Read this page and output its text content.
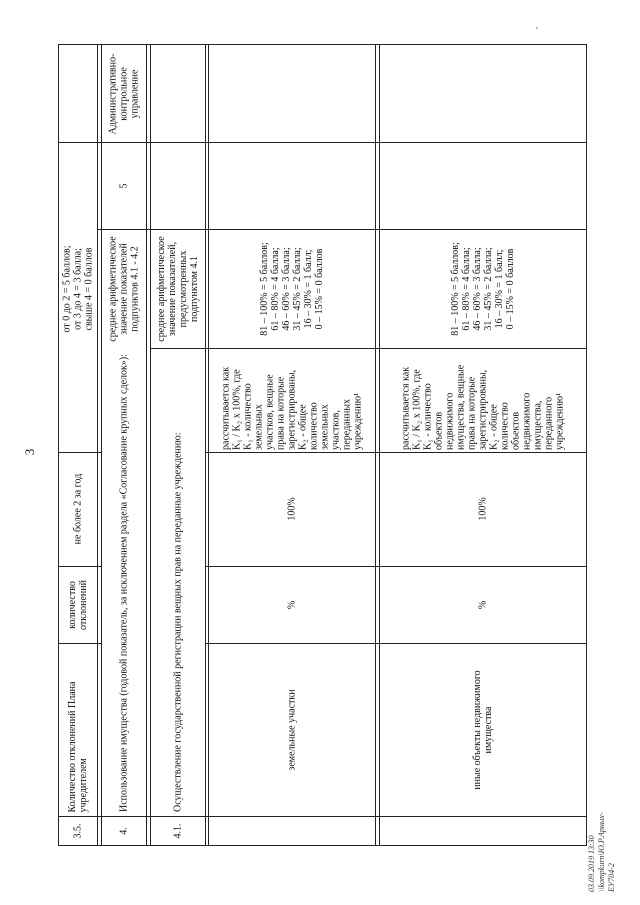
3
'
03.09.2019 13:30
\\kompkurn\Ю.Р.Арных-ЕУ704-2
3.5.
Количество отклонений Плана учредителем
количество отклонений
не более 2 за год
от 0 до 2 = 5 баллов; от 3 до 4 = 3 балла; свыше 4 = 0 баллов
4.
Использование имущества (годовой показатель, за исключением раздела «Согласование крупных сделок»):
среднее арифметическое значение показателей подпунктов 4.1 - 4.2
5
Административно- контрольное управление
4.1.
Осуществление государственной регистрации вещных прав на переданные учреждению:
среднее арифметическое значение показателей, предусмотренных подпунктом 4.1
земельные участки
%
100%
рассчитывается как K₁ / K₂ x 100%, где K₁ - количество земельных участков, вещные права на которые зарегистрированы, K₂ - общее количество земельных участков, переданных учреждению¹
81 – 100% = 5 баллов; 61 – 80% = 4 балла; 46 – 60% = 3 балла; 31 – 45% = 2 балла; 16 – 30% = 1 балл; 0 – 15% = 0 баллов
иные объекты недвижимого имущества
%
100%
рассчитывается как K₁ / K₂ x 100%, где K₁ - количество объектов недвижимого имущества, вещные права на которые зарегистрированы, K₂ - общее количество объектов недвижимого имущества, переданного учреждению¹
81 – 100% = 5 баллов; 61 – 80% = 4 балла; 46 – 60% = 3 балла; 31 – 45% = 2 балла; 16 – 30% = 1 балл; 0 – 15% = 0 баллов
